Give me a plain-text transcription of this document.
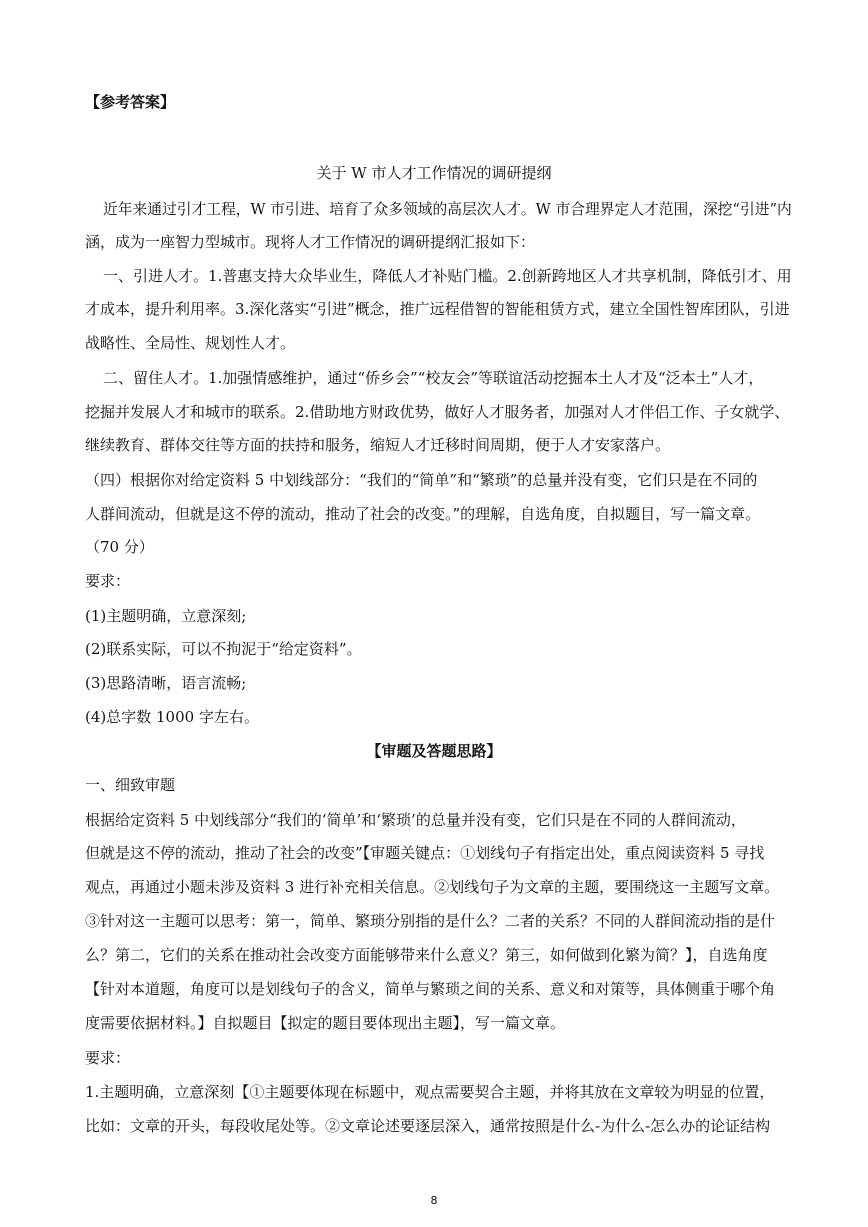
【参考答案】
关于 W 市人才工作情况的调研提纲
近年来通过引才工程，W 市引进、培育了众多领域的高层次人才。W 市合理界定人才范围，深挖“引进”内
涵，成为一座智力型城市。现将人才工作情况的调研提纲汇报如下：
一、引进人才。1.普惠支持大众毕业生，降低人才补贴门槛。2.创新跨地区人才共享机制，降低引才、用
才成本，提升利用率。3.深化落实“引进”概念，推广远程借智的智能租赁方式，建立全国性智库团队，引进
战略性、全局性、规划性人才。
二、留住人才。1.加强情感维护，通过“侨乡会”“校友会”等联谊活动挖掘本土人才及“泛本土”人才，
挖掘并发展人才和城市的联系。2.借助地方财政优势，做好人才服务者，加强对人才伴侣工作、子女就学、
继续教育、群体交往等方面的扶持和服务，缩短人才迁移时间周期，便于人才安家落户。
（四）根据你对给定资料 5 中划线部分：“我们的“简单”和“繁琐”的总量并没有变，它们只是在不同的
人群间流动，但就是这不停的流动，推动了社会的改变。”的理解，自选角度，自拟题目，写一篇文章。
（70 分）
要求：
(1)主题明确，立意深刻;
(2)联系实际，可以不拘泥于“给定资料”。
(3)思路清晰，语言流畅;
(4)总字数 1000 字左右。
【审题及答题思路】
一、细致审题
根据给定资料 5 中划线部分“我们的‘简单’和‘繁琐’的总量并没有变，它们只是在不同的人群间流动，
但就是这不停的流动，推动了社会的改变”【审题关键点：①划线句子有指定出处，重点阅读资料 5 寻找
观点，再通过小题未涉及资料 3 进行补充相关信息。②划线句子为文章的主题，要围绕这一主题写文章。
③针对这一主题可以思考：第一，简单、繁琐分别指的是什么？二者的关系？不同的人群间流动指的是什
么？第二，它们的关系在推动社会改变方面能够带来什么意义？第三，如何做到化繁为简？】，自选角度
【针对本道题，角度可以是划线句子的含义，简单与繁琐之间的关系、意义和对策等，具体侧重于哪个角
度需要依据材料。】自拟题目【拟定的题目要体现出主题】，写一篇文章。
要求：
1.主题明确，立意深刻【①主题要体现在标题中，观点需要契合主题，并将其放在文章较为明显的位置，
比如：文章的开头，每段收尾处等。②文章论述要逐层深入，通常按照是什么-为什么-怎么办的论证结构
8
